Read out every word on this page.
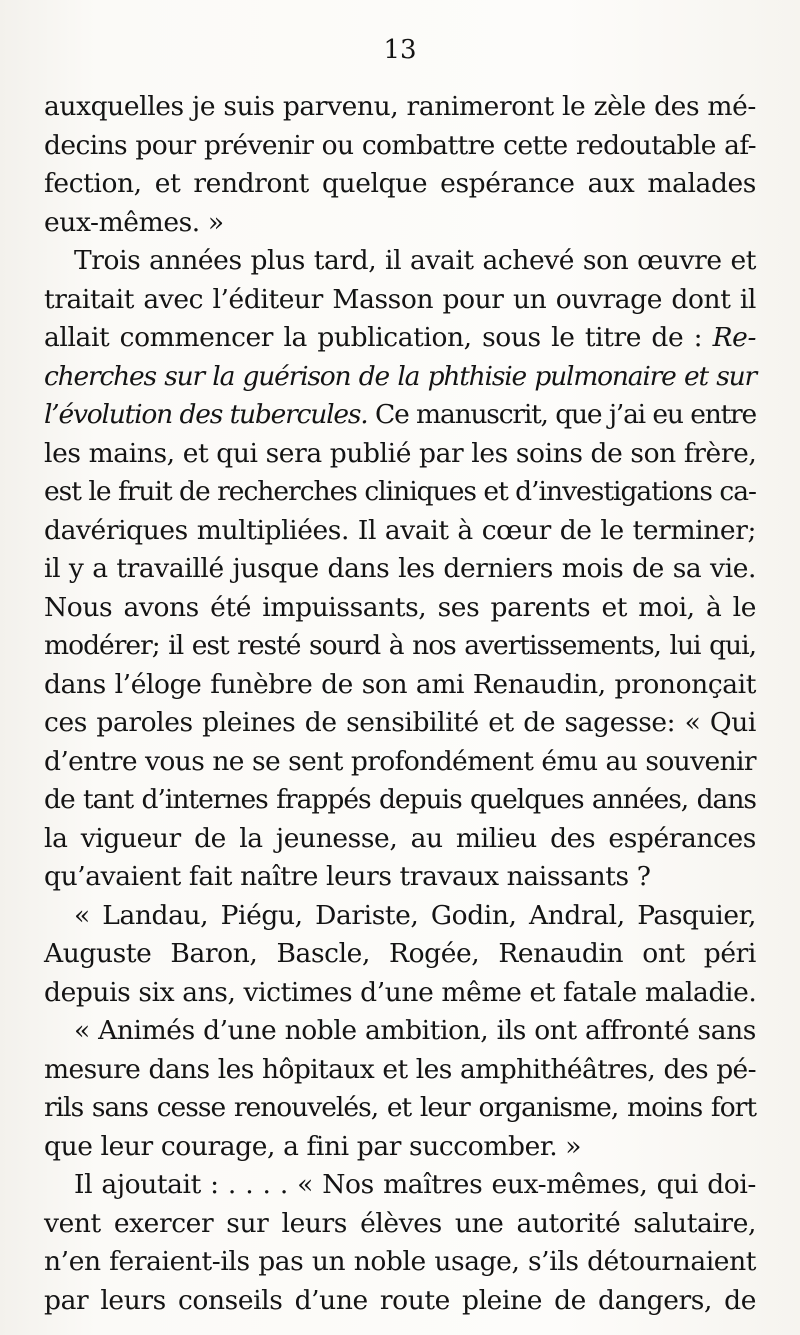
13
auxquelles je suis parvenu, ranimeront le zèle des mé-
decins pour prévenir ou combattre cette redoutable af-
fection, et rendront quelque espérance aux malades
eux-mêmes. »
Trois années plus tard, il avait achevé son œuvre et
traitait avec l’éditeur Masson pour un ouvrage dont il
allait commencer la publication, sous le titre de : Re-
cherches sur la guérison de la phthisie pulmonaire et sur
l’évolution des tubercules. Ce manuscrit, que j’ai eu entre
les mains, et qui sera publié par les soins de son frère,
est le fruit de recherches cliniques et d’investigations ca-
davériques multipliées. Il avait à cœur de le terminer;
il y a travaillé jusque dans les derniers mois de sa vie.
Nous avons été impuissants, ses parents et moi, à le
modérer; il est resté sourd à nos avertissements, lui qui,
dans l’éloge funèbre de son ami Renaudin, prononçait
ces paroles pleines de sensibilité et de sagesse: « Qui
d’entre vous ne se sent profondément ému au souvenir
de tant d’internes frappés depuis quelques années, dans
la vigueur de la jeunesse, au milieu des espérances
qu’avaient fait naître leurs travaux naissants ?
« Landau, Piégu, Dariste, Godin, Andral, Pasquier,
Auguste Baron, Bascle, Rogée, Renaudin ont péri
depuis six ans, victimes d’une même et fatale maladie.
« Animés d’une noble ambition, ils ont affronté sans
mesure dans les hôpitaux et les amphithéâtres, des pé-
rils sans cesse renouvelés, et leur organisme, moins fort
que leur courage, a fini par succomber. »
Il ajoutait : . . . . « Nos maîtres eux-mêmes, qui doi-
vent exercer sur leurs élèves une autorité salutaire,
n’en feraient-ils pas un noble usage, s’ils détournaient
par leurs conseils d’une route pleine de dangers, de
